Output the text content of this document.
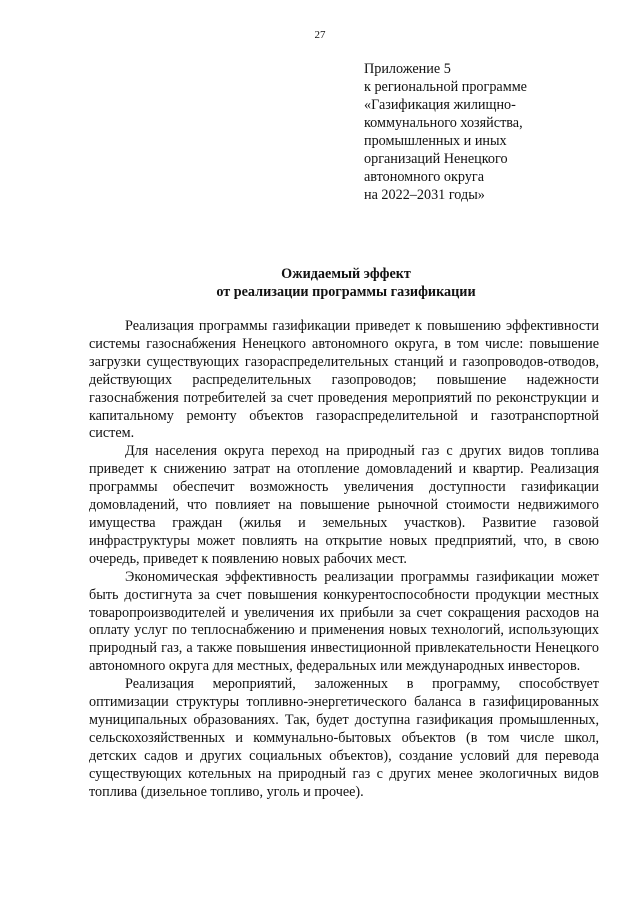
27
Приложение 5
к региональной программе
«Газификация жилищно-
коммунального хозяйства,
промышленных и иных
организаций Ненецкого
автономного округа
на 2022–2031 годы»
Ожидаемый эффект
от реализации программы газификации

Реализация программы газификации приведет к повышению эффективности системы газоснабжения Ненецкого автономного округа, в том числе: повышение загрузки существующих газораспределительных станций и газопроводов-отводов, действующих распределительных газопроводов; повышение надежности газоснабжения потребителей за счет проведения мероприятий по реконструкции и капитальному ремонту объектов газораспределительной и газотранспортной систем.

Для населения округа переход на природный газ с других видов топлива приведет к снижению затрат на отопление домовладений и квартир. Реализация программы обеспечит возможность увеличения доступности газификации домовладений, что повлияет на повышение рыночной стоимости недвижимого имущества граждан (жилья и земельных участков). Развитие газовой инфраструктуры может повлиять на открытие новых предприятий, что, в свою очередь, приведет к появлению новых рабочих мест.

Экономическая эффективность реализации программы газификации может быть достигнута за счет повышения конкурентоспособности продукции местных товаропроизводителей и увеличения их прибыли за счет сокращения расходов на оплату услуг по теплоснабжению и применения новых технологий, использующих природный газ, а также повышения инвестиционной привлекательности Ненецкого автономного округа для местных, федеральных или международных инвесторов.

Реализация мероприятий, заложенных в программу, способствует оптимизации структуры топливно-энергетического баланса в газифицированных муниципальных образованиях. Так, будет доступна газификация промышленных, сельскохозяйственных и коммунально-бытовых объектов (в том числе школ, детских садов и других социальных объектов), создание условий для перевода существующих котельных на природный газ с других менее экологичных видов топлива (дизельное топливо, уголь и прочее).
